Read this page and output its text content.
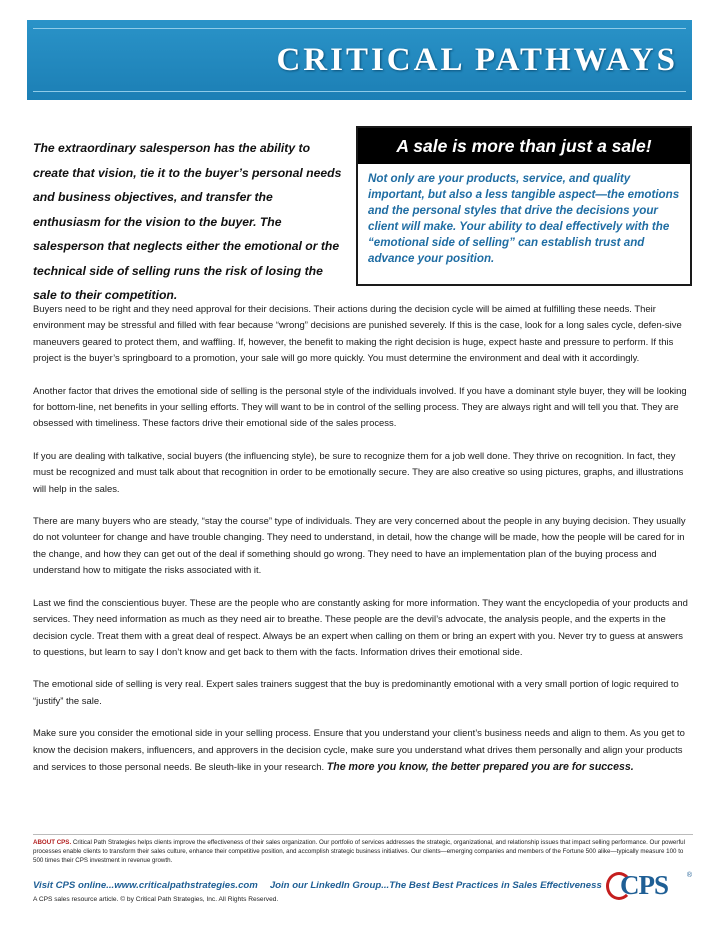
CRITICAL PATHWAYS
The extraordinary salesperson has the ability to create that vision, tie it to the buyer’s personal needs and business objectives, and transfer the enthusiasm for the vision to the buyer. The salesperson that neglects either the emotional or the technical side of selling runs the risk of losing the sale to their competition.
A sale is more than just a sale!
Not only are your products, service, and quality important, but also a less tangible aspect—the emotions and the personal styles that drive the decisions your client will make. Your ability to deal effectively with the “emotional side of selling” can establish trust and advance your position.

Buyers need to be right and they need approval for their decisions. Their actions during the decision cycle will be aimed at fulfilling these needs. Their environment may be stressful and filled with fear because “wrong” decisions are punished severely. If this is the case, look for a long sales cycle, defen-sive maneuvers geared to protect them, and waffling. If, however, the benefit to making the right decision is huge, expect haste and pressure to perform. If this project is the buyer’s springboard to a promotion, your sale will go more quickly. You must determine the environment and deal with it accordingly.

Another factor that drives the emotional side of selling is the personal style of the individuals involved. If you have a dominant style buyer, they will be looking for bottom-line, net benefits in your selling efforts. They will want to be in control of the selling process. They are always right and will tell you that. They are obsessed with timeliness. These factors drive their emotional side of the sales process.

If you are dealing with talkative, social buyers (the influencing style), be sure to recognize them for a job well done. They thrive on recognition. In fact, they must be recognized and must talk about that recognition in order to be emotionally secure. They are also creative so using pictures, graphs, and illustrations will help in the sales.

There are many buyers who are steady, “stay the course” type of individuals. They are very concerned about the people in any buying decision. They usually do not volunteer for change and have trouble changing. They need to understand, in detail, how the change will be made, how the people will be cared for in the change, and how they can get out of the deal if something should go wrong. They need to have an implementation plan of the buying process and understand how to mitigate the risks associated with it.

Last we find the conscientious buyer. These are the people who are constantly asking for more information. They want the encyclopedia of your products and services. They need information as much as they need air to breathe. These people are the devil’s advocate, the analysis people, and the experts in the decision cycle. Treat them with a great deal of respect. Always be an expert when calling on them or bring an expert with you. Never try to guess at answers to questions, but learn to say I don’t know and get back to them with the facts. Information drives their emotional side.

The emotional side of selling is very real. Expert sales trainers suggest that the buy is predominantly emotional with a very small portion of logic required to “justify” the sale.

Make sure you consider the emotional side in your selling process. Ensure that you understand your client’s business needs and align to them. As you get to know the decision makers, influencers, and approvers in the decision cycle, make sure you understand what drives them personally and align your products and services to those personal needs. Be sleuth-like in your research. The more you know, the better prepared you are for success.

ABOUT CPS. Critical Path Strategies helps clients improve the effectiveness of their sales organization. Our portfolio of services addresses the strategic, organizational, and relationship issues that impact selling performance. Our powerful processes enable clients to transform their sales culture, enhance their competitive position, and accomplish strategic business initiatives. Our clients—emerging companies and members of the Fortune 500 alike—typically measure 100 to 500 times their CPS investment in revenue growth.
Visit CPS online...www.criticalpathstrategies.com Join our LinkedIn Group...The Best Best Practices in Sales Effectiveness
A CPS sales resource article. © by Critical Path Strategies, Inc. All Rights Reserved.	CPS	®
